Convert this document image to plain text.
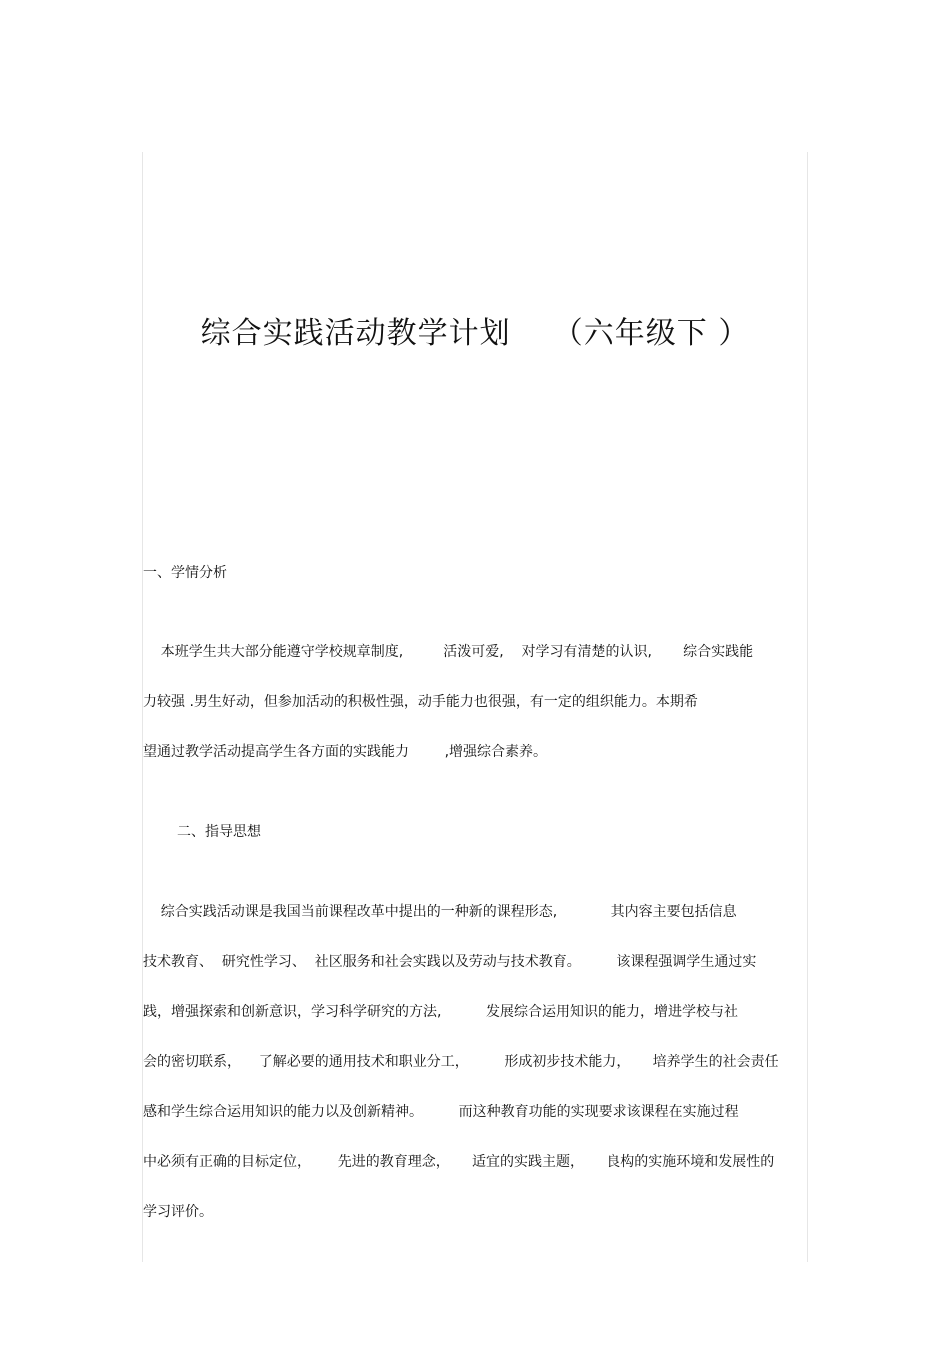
综合实践活动教学计划    （六年级下 ）
一、学情分析
本班学生共大部分能遵守学校规章制度,         活泼可爱,    对学习有清楚的认识,       综合实践能
力较强 .男生好动，但参加活动的积极性强，动手能力也很强，有一定的组织能力。本期希
望通过教学活动提高学生各方面的实践能力        ,增强综合素养。
二、指导思想
综合实践活动课是我国当前课程改革中提出的一种新的课程形态,            其内容主要包括信息
技术教育、  研究性学习、  社区服务和社会实践以及劳动与技术教育。        该课程强调学生通过实
践，增强探索和创新意识，学习科学研究的方法,          发展综合运用知识的能力，增进学校与社
会的密切联系，    了解必要的通用技术和职业分工，        形成初步技术能力，     培养学生的社会责任
感和学生综合运用知识的能力以及创新精神。        而这种教育功能的实现要求该课程在实施过程
中必须有正确的目标定位，      先进的教育理念，     适宜的实践主题，     良构的实施环境和发展性的
学习评价。
